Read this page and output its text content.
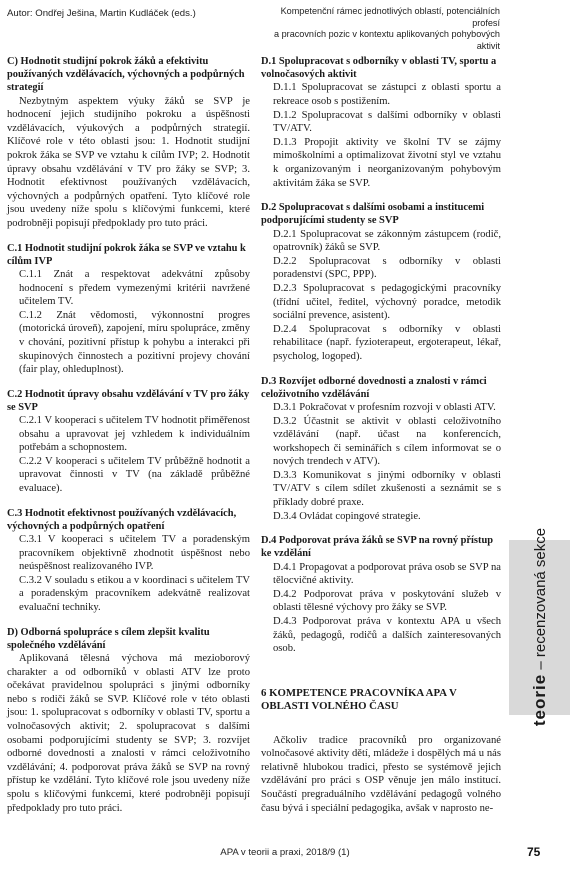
Autor: Ondřej Ješina, Martin Kudláček (eds.)	Kompetenční rámec jednotlivých oblastí, potenciálních profesí
a pracovních pozic v kontextu aplikovaných pohybových aktivit
C) Hodnotit studijní pokrok žáků a efektivitu používaných vzdělávacích, výchovných a podpůrných strategií

Nezbytným aspektem výuky žáků se SVP je hodnocení jejich studijního pokroku a úspěšnosti vzdělávacích, výukových a podpůrných strategií. Klíčové role v této oblasti jsou: 1. Hodnotit studijní pokrok žáka se SVP ve vztahu k cílům IVP; 2. Hodnotit úpravy obsahu vzdělávání v TV pro žáky se SVP; 3. Hodnotit efektivnost používaných vzdělávacích, výchovných a podpůrných opatření. Tyto klíčové role jsou uvedeny níže spolu s klíčovými funkcemi, které podrobněji popisují předpoklady pro tuto práci.

C.1 Hodnotit studijní pokrok žáka se SVP ve vztahu k cílům IVP

C.1.1 Znát a respektovat adekvátní způsoby hodnocení s předem vymezenými kritérii navržené učitelem TV.

C.1.2 Znát vědomosti, výkonnostní progres (motorická úroveň), zapojení, míru spolupráce, změny v chování, pozitivní přístup k pohybu a interakci při skupinových činnostech a pozitivní projevy chování (fair play, ohleduplnost).

C.2 Hodnotit úpravy obsahu vzdělávání v TV pro žáky se SVP

C.2.1 V kooperaci s učitelem TV hodnotit přiměřenost obsahu a upravovat jej vzhledem k individuálním potřebám a schopnostem.

C.2.2 V kooperaci s učitelem TV průběžně hodnotit a upravovat činnosti v TV (na základě průběžné evaluace).

C.3 Hodnotit efektivnost používaných vzdělávacích, výchovných a podpůrných opatření

C.3.1 V kooperaci s učitelem TV a poradenským pracovníkem objektivně zhodnotit úspěšnost nebo neúspěšnost realizovaného IVP.

C.3.2 V souladu s etikou a v koordinaci s učitelem TV a poradenským pracovníkem adekvátně realizovat evaluační techniky.

D) Odborná spolupráce s cílem zlepšit kvalitu společného vzdělávání

Aplikovaná tělesná výchova má mezioborový charakter a od odborníků v oblasti ATV lze proto očekávat pravidelnou spolupráci s jinými odborníky nebo s rodiči žáků se SVP. Klíčové role v této oblasti jsou: 1. spolupracovat s odborníky v oblasti TV, sportu a volnočasových aktivit; 2. spolupracovat s dalšími osobami podporujícími studenty se SVP; 3. rozvíjet odborné dovednosti a znalosti v rámci celoživotního vzdělávání; 4. podporovat práva žáků se SVP na rovný přístup ke vzdělání. Tyto klíčové role jsou uvedeny níže spolu s klíčovými funkcemi, které podrobněji popisují předpoklady pro tuto práci.

D.1 Spolupracovat s odborníky v oblasti TV, sportu a volnočasových aktivit

D.1.1 Spolupracovat se zástupci z oblasti sportu a rekreace osob s postižením.

D.1.2 Spolupracovat s dalšími odborníky v oblasti TV/ATV.

D.1.3 Propojit aktivity ve školní TV se zájmy mimoškolními a optimalizovat životní styl ve vztahu k organizovaným i neorganizovaným pohybovým aktivitám žáka se SVP.

D.2 Spolupracovat s dalšími osobami a institucemi podporujícími studenty se SVP

D.2.1 Spolupracovat se zákonným zástupcem (rodič, opatrovník) žáků se SVP.

D.2.2 Spolupracovat s odborníky v oblasti poradenství (SPC, PPP).

D.2.3 Spolupracovat s pedagogickými pracovníky (třídní učitel, ředitel, výchovný poradce, metodik sociální prevence, asistent).

D.2.4 Spolupracovat s odborníky v oblasti rehabilitace (např. fyzioterapeut, ergoterapeut, lékař, psycholog, logoped).

D.3 Rozvíjet odborné dovednosti a znalosti v rámci celoživotního vzdělávání

D.3.1 Pokračovat v profesním rozvoji v oblasti ATV.

D.3.2 Účastnit se aktivit v oblasti celoživotního vzdělávání (např. účast na konferencích, workshopech či seminářích s cílem informovat se o nových trendech v ATV).

D.3.3 Komunikovat s jinými odborníky v oblasti TV/ATV s cílem sdílet zkušenosti a seznámit se s příklady dobré praxe.

D.3.4 Ovládat copingové strategie.

D.4 Podporovat práva žáků se SVP na rovný přístup ke vzdělání

D.4.1 Propagovat a podporovat práva osob se SVP na tělocvičné aktivity.

D.4.2 Podporovat práva v poskytování služeb v oblasti tělesné výchovy pro žáky se SVP.

D.4.3 Podporovat práva v kontextu APA u všech žáků, pedagogů, rodičů a dalších zainteresovaných osob.

6 KOMPETENCE PRACOVNÍKA APA V OBLASTI VOLNÉHO ČASU

Ačkoliv tradice pracovníků pro organizované volnočasové aktivity dětí, mládeže i dospělých má u nás relativně hlubokou tradici, přesto se systémově jejich vzdělávání pro práci s OSP věnuje jen málo institucí. Součástí pregraduálního vzdělávání pedagogů volného času bývá i speciální pedagogika, avšak v naprosto ne-

teorie – recenzovaná sekce
APA v teorii a praxi, 2018/9 (1)	75
